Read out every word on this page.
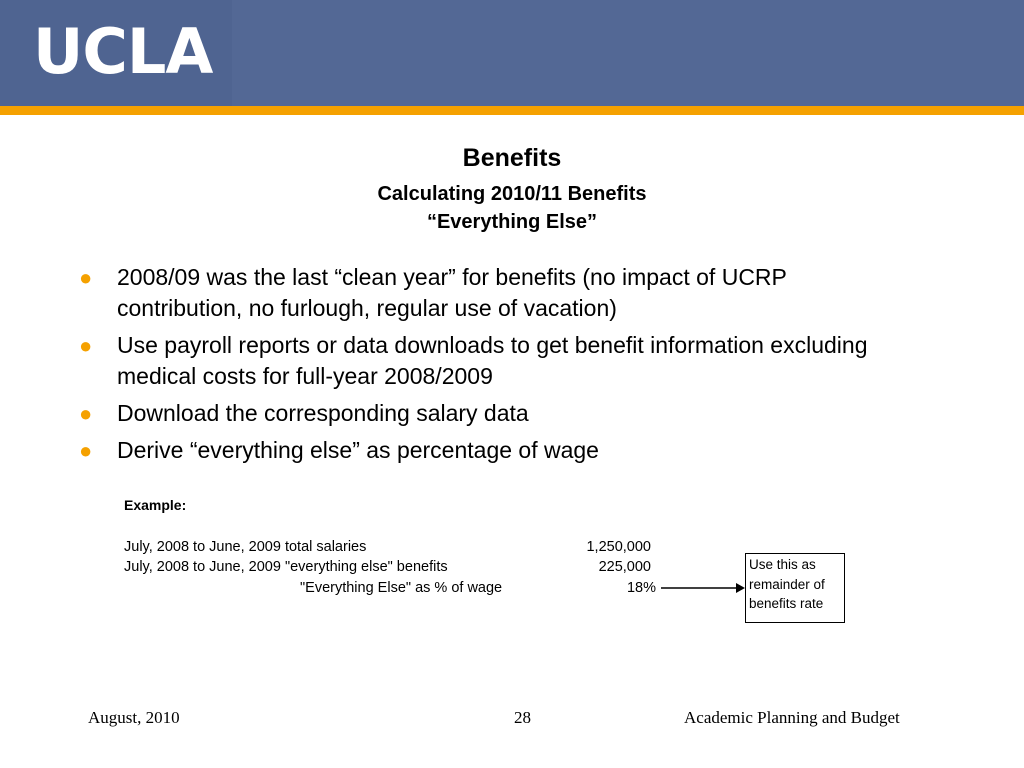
UCLA
Benefits
Calculating 2010/11 Benefits
“Everything Else”
● 2008/09 was the last “clean year” for benefits (no impact of UCRP contribution, no furlough, regular use of vacation)
● Use payroll reports or data downloads to get benefit information excluding medical costs for full-year 2008/2009
● Download the corresponding salary data
● Derive “everything else” as percentage of wage
Example:
July, 2008 to June, 2009 total salaries	1,250,000
July, 2008 to June, 2009 "everything else" benefits	225,000
"Everything Else" as % of wage	18%
Use this as remainder of benefits rate
August, 2010	28	Academic Planning and Budget
